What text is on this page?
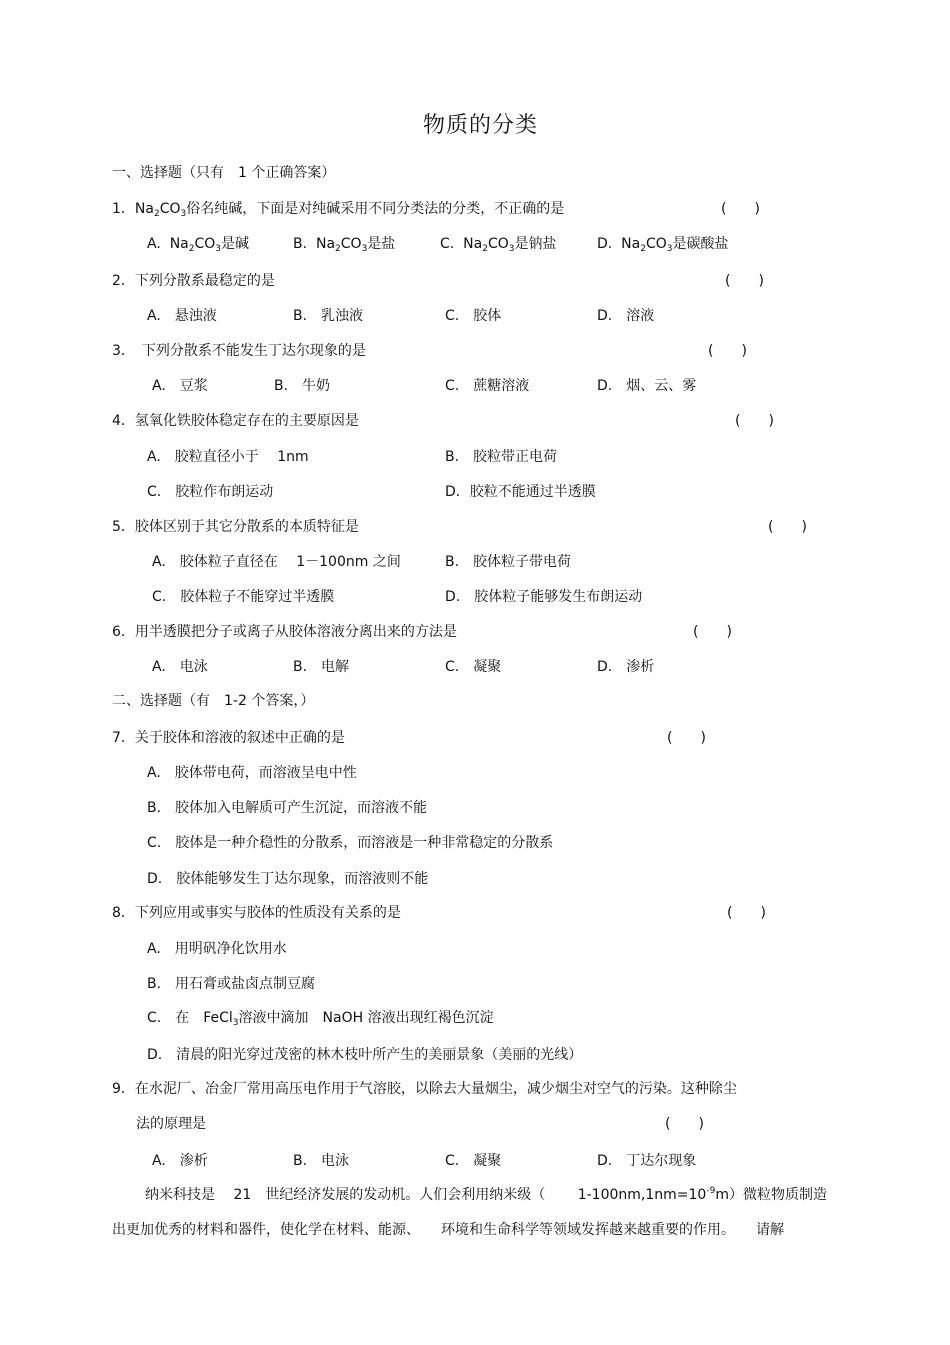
物质的分类
一、选择题（只有　1 个正确答案）
1．$Na_2CO_3$俗名纯碱，下面是对纯碱采用不同分类法的分类，不正确的是	(　　)
A. $Na_2CO_3$是碱	B. $Na_2CO_3$是盐	C. $Na_2CO_3$是钠盐	D. $Na_2CO_3$是碳酸盐
2．下列分散系最稳定的是	(　　)
A.　悬浊液	B.　乳浊液	C.　胶体	D.　溶液
3．　下列分散系不能发生丁达尔现象的是	(　　)
A.　豆浆	B.　牛奶	C.　蔗糖溶液	D.　烟、云、雾
4．氢氧化铁胶体稳定存在的主要原因是	(　　)
A.　胶粒直径小于　 1nm	B.　胶粒带正电荷
C.　胶粒作布朗运动	D．胶粒不能通过半透膜
5．胶体区别于其它分散系的本质特征是	(　　)
A.　胶体粒子直径在　 1－100nm 之间	B.　胶体粒子带电荷
C.　胶体粒子不能穿过半透膜	D.　胶体粒子能够发生布朗运动
6．用半透膜把分子或离子从胶体溶液分离出来的方法是	(　　)
A.　电泳	B.　电解	C.　凝聚	D.　渗析
二、选择题（有　1-2 个答案，）
7．关于胶体和溶液的叙述中正确的是	(　　)
A.　胶体带电荷，而溶液呈电中性
B.　胶体加入电解质可产生沉淀，而溶液不能
C.　胶体是一种介稳性的分散系，而溶液是一种非常稳定的分散系
D.　胶体能够发生丁达尔现象，而溶液则不能
8．下列应用或事实与胶体的性质没有关系的是	(　　)
A.　用明矾净化饮用水
B.　用石膏或盐卤点制豆腐
C.　在　FeCl$_3$溶液中滴加　NaOH 溶液出现红褐色沉淀
D.　清晨的阳光穿过茂密的林木枝叶所产生的美丽景象（美丽的光线）
9．在水泥厂、冶金厂常用高压电作用于气溶胶，以除去大量烟尘，减少烟尘对空气的污染。这种除尘
法的原理是	(　　)
A.　渗析	B.　电泳	C.　凝聚	D.　丁达尔现象
纳米科技是　 21　世纪经济发展的发动机。人们会利用纳米级（　　 $1-100nm,1nm=10^{-9}m$）微粒物质制造
出更加优秀的材料和器件，使化学在材料、能源、　　环境和生命科学等领域发挥越来越重要的作用。　　请解
